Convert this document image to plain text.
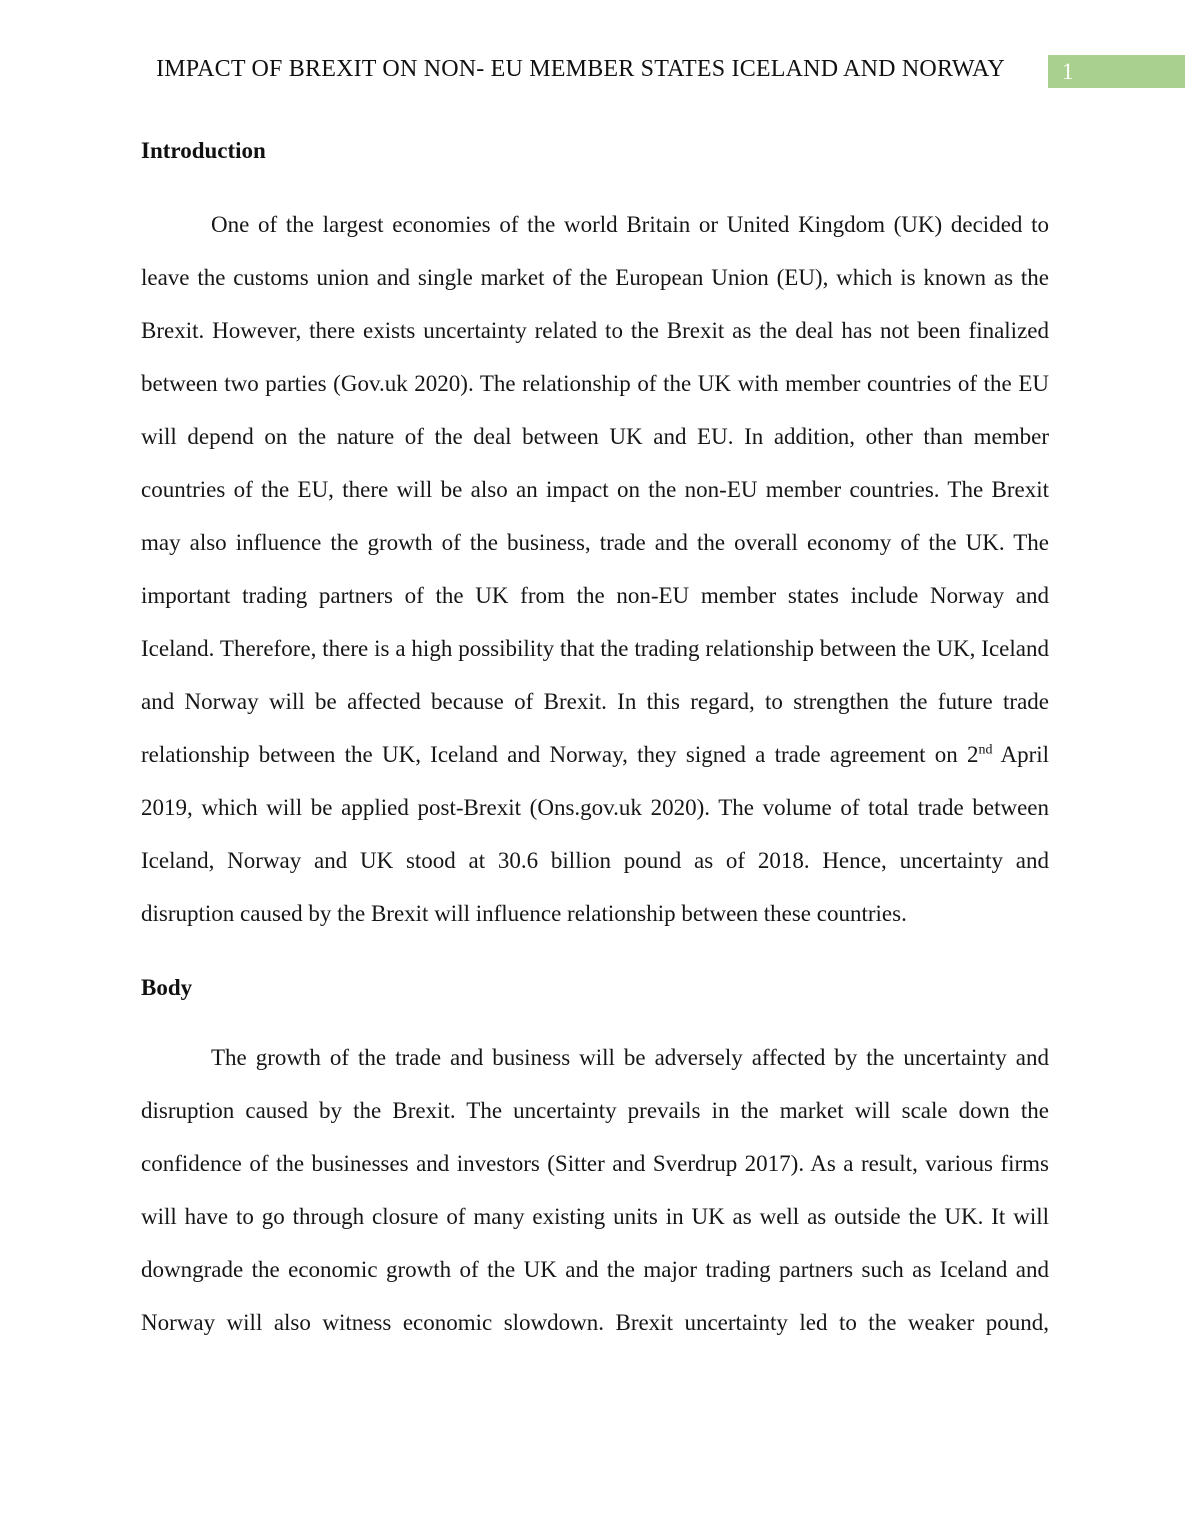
IMPACT OF BREXIT ON NON- EU MEMBER STATES ICELAND AND NORWAY	1
Introduction

One of the largest economies of the world Britain or United Kingdom (UK) decided to leave the customs union and single market of the European Union (EU), which is known as the Brexit. However, there exists uncertainty related to the Brexit as the deal has not been finalized between two parties (Gov.uk 2020). The relationship of the UK with member countries of the EU will depend on the nature of the deal between UK and EU. In addition, other than member countries of the EU, there will be also an impact on the non-EU member countries. The Brexit may also influence the growth of the business, trade and the overall economy of the UK. The important trading partners of the UK from the non-EU member states include Norway and Iceland. Therefore, there is a high possibility that the trading relationship between the UK, Iceland and Norway will be affected because of Brexit. In this regard, to strengthen the future trade relationship between the UK, Iceland and Norway, they signed a trade agreement on 2nd April 2019, which will be applied post-Brexit (Ons.gov.uk 2020). The volume of total trade between Iceland, Norway and UK stood at 30.6 billion pound as of 2018. Hence, uncertainty and disruption caused by the Brexit will influence relationship between these countries.

Body

The growth of the trade and business will be adversely affected by the uncertainty and disruption caused by the Brexit. The uncertainty prevails in the market will scale down the confidence of the businesses and investors (Sitter and Sverdrup 2017). As a result, various firms will have to go through closure of many existing units in UK as well as outside the UK. It will downgrade the economic growth of the UK and the major trading partners such as Iceland and Norway will also witness economic slowdown. Brexit uncertainty led to the weaker pound,
